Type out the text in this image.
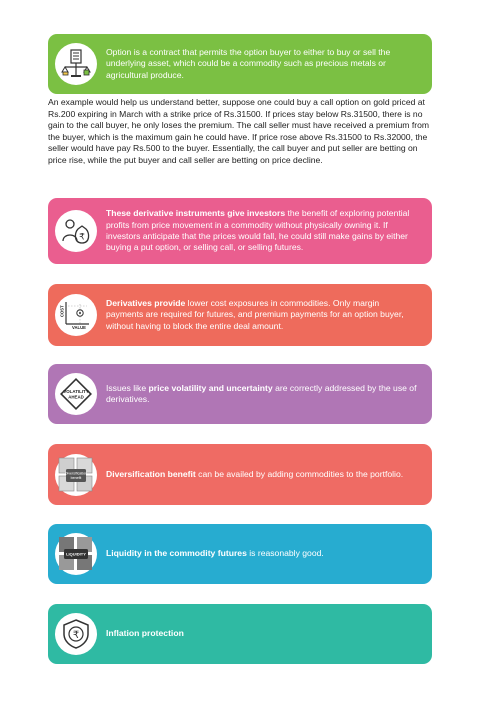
Option is a contract that permits the option buyer to either to buy or sell the underlying asset, which could be a commodity such as precious metals or agricultural produce.

An example would help us understand better, suppose one could buy a call option on gold priced at Rs.200 expiring in March with a strike price of Rs.31500. If prices stay below Rs.31500, there is no gain to the call buyer, he only loses the premium. The call seller must have received a premium from the buyer, which is the maximum gain he could have. If price rose above Rs.31500 to Rs.32000, the seller would have pay Rs.500 to the buyer. Essentially, the call buyer and put seller are betting on price rise, while the put buyer and call seller are betting on price decline.

₹
These derivative instruments give investors the benefit of exploring potential profits from price movement in a commodity without physically owning it. If investors anticipate that the prices would fall, he could still make gains by either buying a put option, or selling call, or selling futures.
COST
VALUE
Derivatives provide lower cost exposures in commodities. Only margin payments are required for futures, and premium payments for an option buyer, without having to block the entire deal amount.
VOLATILITY
AHEAD
Issues like price volatility and uncertainty are correctly addressed by the use of derivatives.
Diversification
benefit	Diversification benefit can be availed by adding commodities to the portfolio.
LIQUIDITY Liquidity in the commodity futures is reasonably good.
₹	Inflation protection
